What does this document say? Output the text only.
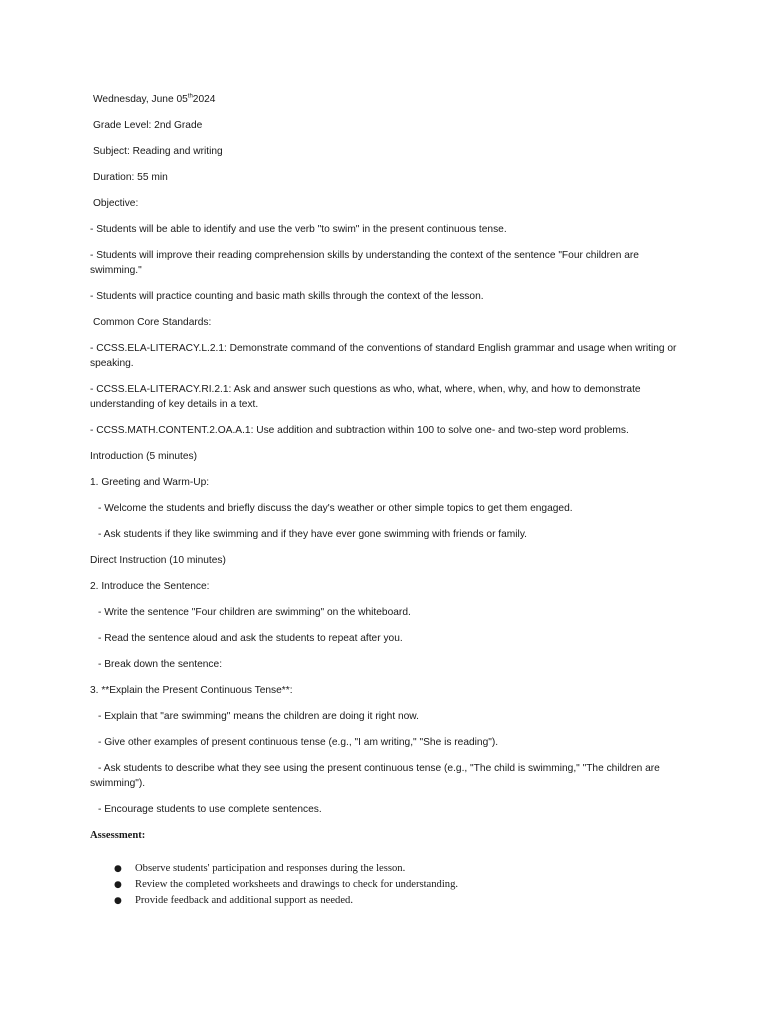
Wednesday, June 05th2024

Grade Level: 2nd Grade

Subject: Reading and writing

Duration: 55 min

Objective:

- Students will be able to identify and use the verb "to swim" in the present continuous tense.

- Students will improve their reading comprehension skills by understanding the context of the sentence "Four children are swimming."

- Students will practice counting and basic math skills through the context of the lesson.

Common Core Standards:

- CCSS.ELA-LITERACY.L.2.1: Demonstrate command of the conventions of standard English grammar and usage when writing or speaking.

- CCSS.ELA-LITERACY.RI.2.1: Ask and answer such questions as who, what, where, when, why, and how to demonstrate understanding of key details in a text.

- CCSS.MATH.CONTENT.2.OA.A.1: Use addition and subtraction within 100 to solve one- and two-step word problems.

Introduction (5 minutes)

1. Greeting and Warm-Up:

- Welcome the students and briefly discuss the day's weather or other simple topics to get them engaged.

- Ask students if they like swimming and if they have ever gone swimming with friends or family.

Direct Instruction (10 minutes)

2. Introduce the Sentence:

- Write the sentence "Four children are swimming" on the whiteboard.

- Read the sentence aloud and ask the students to repeat after you.

- Break down the sentence:

3. **Explain the Present Continuous Tense**:

- Explain that "are swimming" means the children are doing it right now.

- Give other examples of present continuous tense (e.g., "I am writing," "She is reading").

- Ask students to describe what they see using the present continuous tense (e.g., "The child is swimming," "The children are swimming").

- Encourage students to use complete sentences.

Assessment:
● Observe students' participation and responses during the lesson.
● Review the completed worksheets and drawings to check for understanding.
● Provide feedback and additional support as needed.
